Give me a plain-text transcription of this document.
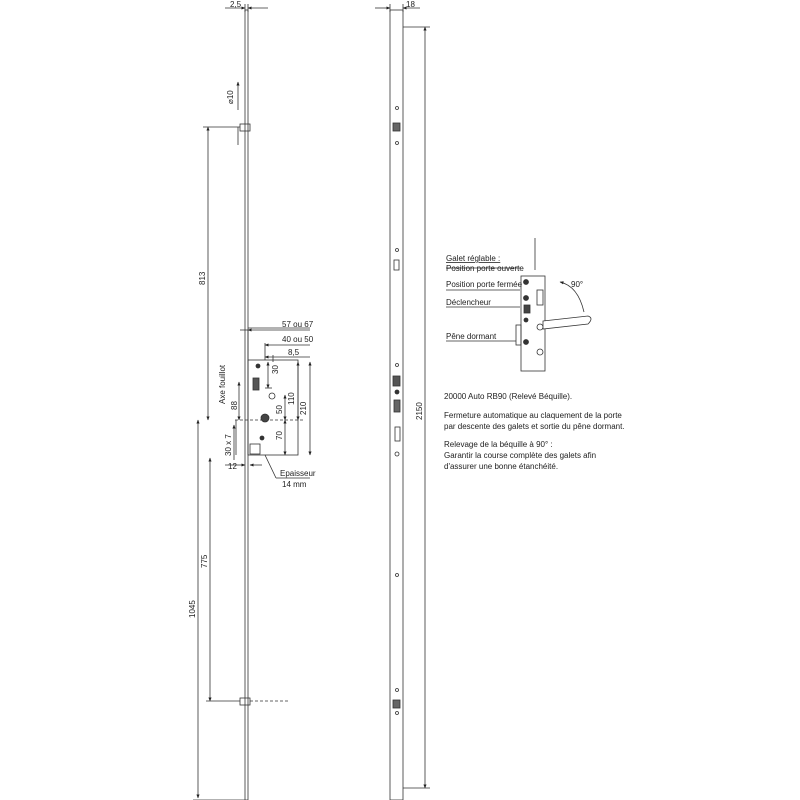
2,5	18
⌀10
813
57 ou 67
40 ou 50
8,5
Axe fouillot	30
88
110
210
50
70
30 x 7
12
Epaisseur
14 mm
775
1045
2150
Galet réglable :
Position porte ouverte
Position porte fermée
Déclencheur
Pêne dormant
90°

20000 Auto RB90 (Relevé Béquille).

Fermeture automatique au claquement de la porte
par descente des galets et sortie du pêne dormant.

Relevage de la béquille à 90° :
Garantir la course complète des galets afin
d'assurer une bonne étanchéité.
